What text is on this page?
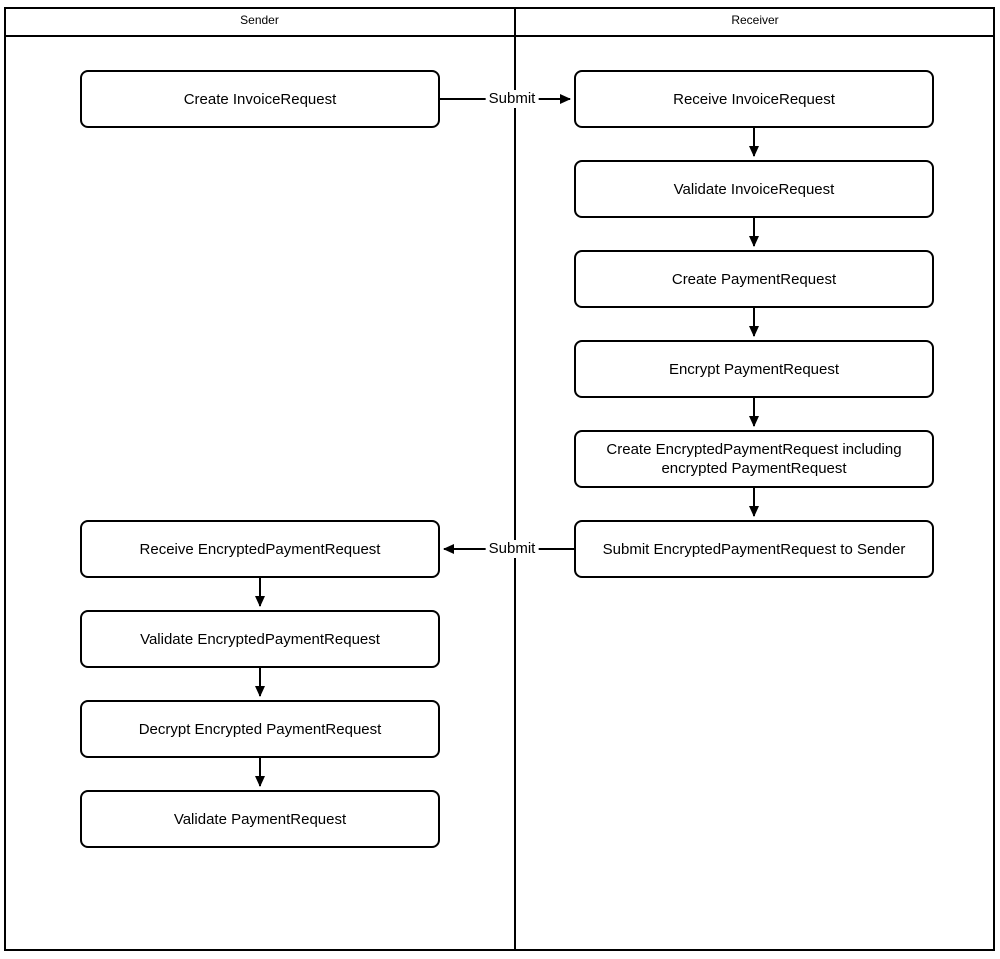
Sender	Receiver
Create InvoiceRequest
Receive EncryptedPaymentRequest
Validate EncryptedPaymentRequest
Decrypt Encrypted PaymentRequest
Validate PaymentRequest
Receive InvoiceRequest
Validate InvoiceRequest
Create PaymentRequest
Encrypt PaymentRequest
Create EncryptedPaymentRequest including encrypted PaymentRequest
Submit EncryptedPaymentRequest to Sender
Submit
Submit
